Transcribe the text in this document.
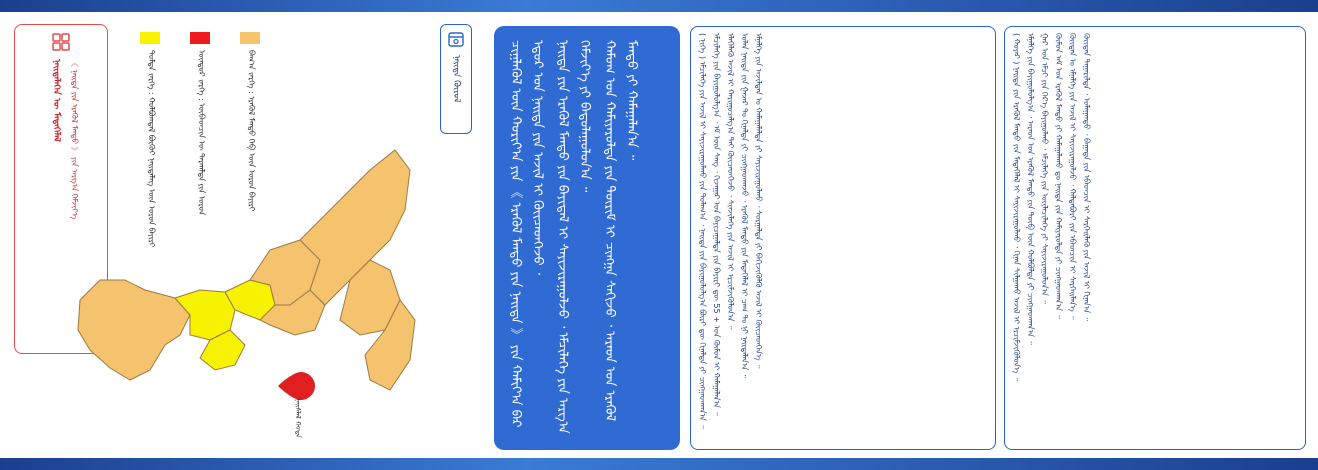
ᠨᠡᠢᠲᠡᠯᠡᠭᠡᠨ ᠦ ᠮᠡᠳᠡᠭᠡᠯᠡᠯ	《 ᠨᠡᠢᠲᠡ ᠶᠢᠨ ᠡᠷᠡᠭᠦᠯ ᠮᠡᠨᠳᠦ 》 ᠶᠢᠨ ᠠᠷᠭ᠎ᠠ ᠬᠡᠮᠵᠢᠶ᠎ᠡ	ᠳᠤᠮᠳᠠ ᠵᠡᠷᠭᠡ : ᠬᠣᠯᠪᠣᠭᠳᠠᠯ ᠪᠦᠬᠦᠢ ᠨᠡᠢᠲᠡᠯᠡᠭ ᠦᠨ ᠣᠷᠣᠨ ᠪᠠᠶᠢᠷᠢ	ᠥᠨᠳᠥᠷ ᠵᠡᠷᠭᠡ : ᠥᠪᠡᠳᠴᠢᠨ ᠦ ᠲᠠᠷᠬᠠᠯᠲᠠ ᠶᠢᠨ ᠣᠷᠣᠨ	ᠪᠠᠭ᠎ᠠ ᠵᠡᠷᠭᠡ : ᠡᠷᠡᠭᠦᠯ ᠮᠡᠨᠳᠦ ᠬᠡᠪ ᠦᠨ ᠣᠷᠣᠨ ᠪᠠᠶᠢᠷᠢ
ᠨᠡᠢᠰᠯᠡᠯ ᠬᠣᠲᠠ
ᠨᠡᠢᠲᠡ ᠬᠦᠷᠦᠯ	ᠴᠢᠭ᠋ᠯᠡᠭᠦᠯ ᠦᠨ ᠬᠣᠷᠢᠶ᠎ᠠ ᠶᠢᠨ 《 ᠡᠷᠡᠭᠦᠯ ᠮᠡᠨᠳᠦ ᠶᠢᠨ ᠨᠡᠢᠲᠡ 》 ᠶᠢᠨ ᠬᠠᠮᠢᠶ᠎ᠠ ᠪᠠᠷ ᠡᠳᠦᠷ ᠤᠨ ᠨᠡᠢᠲᠡ ᠶᠢᠨ ᠠᠵᠢᠯ ᠢ ᠭᠦᠢᠴᠡᠳᠭᠡᠵᠦ ᠂ ᠨᠡᠢᠲᠡ ᠶᠢᠨ ᠡᠷᠡᠭᠦᠯ ᠮᠡᠨᠳᠦ ᠶᠢᠨ ᠪᠠᠶᠢᠳᠠᠯ ᠢ ᠰᠠᠶᠢᠵᠢᠷᠠᠭᠤᠯᠵᠤ ᠂ ᠡᠮᠴᠢᠯᠡᠭᠡ ᠶᠢᠨ ᠠᠷᠭ᠎ᠠ ᠬᠡᠮᠵᠢᠶ᠎ᠡ ᠶᠢ ᠪᠠᠲᠤᠯᠠᠭᠤᠯᠤᠨ᠎ᠠ ᠃ ᠬᠠᠮᠤᠭ ᠤᠨ ᠬᠠᠮᠢᠶᠠᠷᠤᠯᠲᠠ ᠶᠢᠨ ᠳᠦᠷᠢᠮ ᠢ ᠴᠢᠩᠭ᠋ᠠ ᠰᠠᠬᠢᠵᠤ ᠂ ᠠᠷᠠᠳ ᠤᠨ ᠡᠷᠡᠭᠦᠯ ᠮᠡᠨᠳᠦ ᠶᠢ ᠬᠠᠮᠠᠭᠠᠯᠠᠨ᠎ᠠ ᠃	( ᠨᠢᠭᠡ ) ᠡᠮᠴᠢᠯᠡᠭᠡ ᠶᠢᠨ ᠠᠵᠢᠯ ᠢ ᠰᠠᠶᠢᠵᠢᠷᠠᠭᠤᠯᠬᠤ ᠶᠢᠨ ᠲᠤᠯᠠᠭ᠎ᠠ ᠂ ᠨᠡᠢᠲᠡ ᠶᠢᠨ ᠪᠠᠶᠢᠭᠤᠯᠤᠯᠭ᠎ᠠ ᠪᠦᠷᠢ ᠳᠦ ᠬᠢᠨᠠᠯᠲᠠ ᠶᠢ ᠴᠢᠩᠭ᠋ᠠᠳᠬᠠᠨ᠎ᠠ ᠃ ᠡᠮᠴᠢᠯᠡᠭᠡ ᠶᠢᠨ ᠪᠠᠶᠢᠭᠤᠯᠤᠯᠭ᠎ᠠ ᠂ ᠡᠮ ᠦᠨ ᠰᠠᠩ ᠂ ᠬᠢᠵᠠᠭᠠᠷ ᠤᠨ ᠪᠠᠶᠢᠴᠠᠭᠠᠯᠲᠠ ᠶᠢᠨ ᠪᠠᠶᠢᠷᠢ ᠳᠦ 55 + ᠤᠨ ᠬᠦᠮᠦᠨ ᠢ ᠬᠠᠮᠠᠭᠠᠯᠠᠨ᠎ᠠ ᠃ ᠡᠯᠡᠭᠡᠯᠡᠬᠦ ᠠᠵᠢᠯ ᠢ ᠬᠠᠷᠢᠭᠤᠴᠠᠯᠭ᠎ᠠ ᠲᠠᠶ ᠭᠦᠢᠴᠡᠳᠭᠡᠵᠦ ᠂ ᠰᠢᠨᠵᠢᠯᠡᠭᠡ ᠶᠢᠨ ᠠᠵᠢᠯ ᠢ ᠡᠷᠴᠢᠮᠵᠢᠭᠦᠯᠦᠨ᠎ᠠ ᠃ ᠣᠯᠠᠨ ᠨᠡᠢᠲᠡ ᠶᠢᠨ ᠭᠠᠵᠠᠷ ᠲᠤ ᠬᠢᠨᠠᠯᠲᠠ ᠶᠢ ᠴᠢᠩᠭ᠋ᠠᠳᠬᠠᠵᠤ ᠂ ᠡᠷᠡᠭᠦᠯ ᠮᠡᠨᠳᠦ ᠶᠢᠨ ᠮᠡᠳᠡᠭᠡᠯᠡᠯ ᠢ ᠴᠠᠭ ᠲᠤ ᠨᠢ ᠨᠡᠢᠲᠡᠯᠡᠨ᠎ᠠ ᠃ ᠡᠮᠨᠡᠯᠭᠡ ᠶᠢᠨ ᠠᠵᠢᠯᠲᠠᠨ ᠤ ᠬᠠᠮᠠᠭᠠᠯᠠᠯᠲᠠ ᠶᠢ ᠰᠠᠶᠢᠵᠢᠷᠠᠭᠤᠯᠬᠤ ᠂ ᠰᠤᠷᠭᠠᠯᠲᠠ ᠶᠢ ᠪᠡᠬᠢᠵᠢᠭᠦᠯᠬᠦ ᠠᠵᠢᠯ ᠢ ᠭᠦᠢᠴᠡᠳᠭᠡᠨ᠎ᠡ ᠃	( ᠬᠣᠶᠠᠷ ) ᠨᠡᠢᠲᠡ ᠶᠢᠨ ᠡᠷᠡᠭᠦᠯ ᠮᠡᠨᠳᠦ ᠶᠢᠨ ᠮᠡᠳᠡᠭᠡᠯᠡᠯ ᠢ ᠰᠠᠶᠢᠵᠢᠷᠠᠭᠤᠯᠬᠤ ᠂ ᠬᠢᠨᠠᠨ ᠰᠢᠯᠭᠠᠬᠤ ᠠᠵᠢᠯ ᠢ ᠡᠷᠴᠢᠮᠵᠢᠭᠦᠯᠦᠨ᠎ᠡ ᠃ ᠡᠮᠨᠡᠯᠭᠡ ᠶᠢᠨ ᠪᠠᠶᠢᠭᠤᠯᠤᠯᠭ᠎ᠠ ᠂ ᠠᠷᠠᠳ ᠤᠨ ᠡᠷᠡᠭᠦᠯ ᠮᠡᠨᠳᠦ ᠶᠢᠨ ᠲᠥᠪ ᠦᠨ ᠬᠣᠯᠪᠣᠯᠲᠠ ᠶᠢ ᠴᠢᠩᠭ᠋ᠠᠳᠬᠠᠨ᠎ᠠ ᠃ ᠭᠠᠷ ᠤᠨ ᠡᠮᠴᠢ ᠶᠢᠨ ᠭᠡᠷ᠎ᠡ ᠪᠠᠶᠢᠭᠤᠯᠬᠤ ᠂ ᠡᠮᠴᠢᠯᠡᠭᠡ ᠶᠢᠨ ᠦᠢᠯᠡᠴᠢᠯᠡᠭᠡ ᠶᠢ ᠰᠠᠶᠢᠵᠢᠷᠠᠭᠤᠯᠤᠨ᠎ᠠ ᠃ ᠬᠦᠮᠦᠨ ᠠᠮ ᠤᠨ ᠡᠷᠡᠭᠦᠯ ᠮᠡᠨᠳᠦ ᠶᠢ ᠬᠠᠮᠠᠭᠠᠯᠠᠬᠤ ᠳᠤ ᠨᠡᠢᠲᠡ ᠶᠢᠨ ᠬᠠᠮᠢᠶᠠᠷᠤᠯᠲᠠ ᠶᠢ ᠴᠢᠩᠭ᠋ᠠᠳᠬᠠᠨ᠎ᠠ ᠃ ᠬᠦᠢᠲᠡᠨ ᠤ ᠡᠮᠨᠡᠯᠭᠡ ᠶᠢᠨ ᠠᠵᠢᠯ ᠢ ᠰᠠᠶᠢᠵᠢᠷᠠᠭᠤᠯᠵᠤ ᠂ ᠬᠠᠯᠳᠠᠪᠤᠷᠢ ᠶᠢᠨ ᠡᠪᠡᠳᠴᠢᠨ ᠢ ᠰᠡᠷᠭᠡᠢᠯᠡᠨ᠎ᠡ ᠃ ᠬᠦᠢᠲᠡᠨ ᠳᠠᠭᠠᠷᠢᠯᠲᠠ ᠂ ᠤᠯᠠᠭᠠᠨᠲᠤ ᠂ ᠪᠠᠭᠠᠳᠠ ᠶᠢᠨ ᠡᠪᠡᠳᠴᠢᠨ ᠢ ᠰᠡᠷᠭᠡᠢᠯᠡᠬᠦ ᠶᠢᠨ ᠠᠵᠢᠯ ᠢ ᠬᠢᠨᠠᠨ᠎ᠠ ᠃
